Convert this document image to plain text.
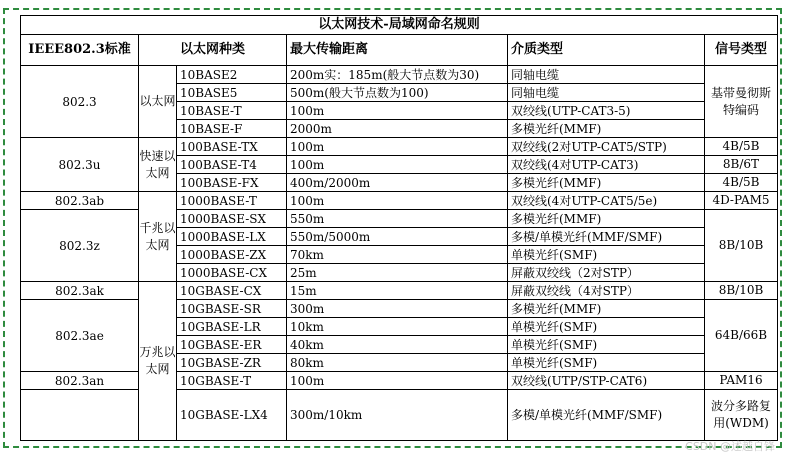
以太网技术-局域网命名规则					
IEEE802.3标准	以太网种类		最大传输距离	介质类型	信号类型
802.3	以太网	10BASE2	200m实：185m(般大节点数为30)	同轴电缆	基带曼彻斯特编码
		10BASE5	500m(般大节点数为100)	同轴电缆	
		10BASE-T	100m	双绞线(UTP-CAT3-5)	
		10BASE-F	2000m	多模光纤(MMF)	
802.3u	快速以太网	100BASE-TX	100m	双绞线(2对UTP-CAT5/STP)	4B/5B
		100BASE-T4	100m	双绞线(4对UTP-CAT3)	8B/6T
		100BASE-FX	400m/2000m	多模光纤(MMF)	4B/5B
802.3ab	千兆以太网	1000BASE-T	100m	双绞线(4对UTP-CAT5/5e)	4D-PAM5
802.3z		1000BASE-SX	550m	多模光纤(MMF)	8B/10B
		1000BASE-LX	550m/5000m	多模/单模光纤(MMF/SMF)	
		1000BASE-ZX	70km	单模光纤(SMF)	
		1000BASE-CX	25m	屏蔽双绞线（2对STP）	
802.3ak	万兆以太网	10GBASE-CX	15m	屏蔽双绞线（4对STP）	8B/10B
802.3ae		10GBASE-SR	300m	多模光纤(MMF)	64B/66B
		10GBASE-LR	10km	单模光纤(SMF)	
		10GBASE-ER	40km	单模光纤(SMF)	
		10GBASE-ZR	80km	单模光纤(SMF)	
802.3an		10GBASE-T	100m	双绞线(UTP/STP-CAT6)	PAM16
		10GBASE-LX4	300m/10km	多模/单模光纤(MMF/SMF)	波分多路复用(WDM)
CSDN @述越自锋
